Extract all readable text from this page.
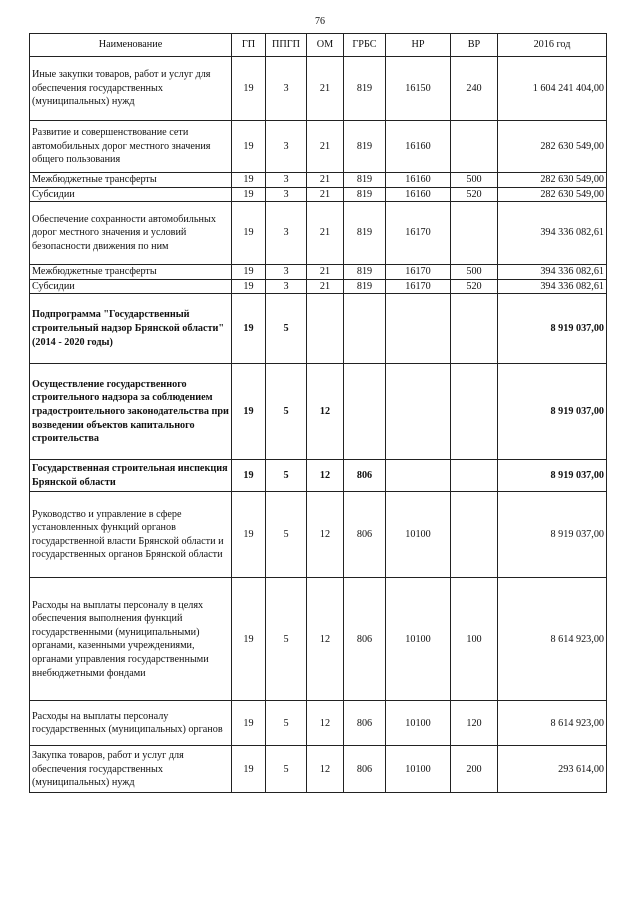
76
Наименование	ГП	ППГП	ОМ	ГРБС	НР	ВР	2016 год
Иные закупки товаров, работ и услуг для обеспечения государственных (муниципальных) нужд	19	3	21	819	16150	240	1 604 241 404,00
Развитие и совершенствование сети автомобильных дорог местного значения общего пользования	19	3	21	819	16160		282 630 549,00
Межбюджетные трансферты	19	3	21	819	16160	500	282 630 549,00
Субсидии	19	3	21	819	16160	520	282 630 549,00
Обеспечение сохранности автомобильных дорог местного значения и условий безопасности движения по ним	19	3	21	819	16170		394 336 082,61
Межбюджетные трансферты	19	3	21	819	16170	500	394 336 082,61
Субсидии	19	3	21	819	16170	520	394 336 082,61
Подпрограмма "Государственный строительный надзор Брянской области" (2014 - 2020 годы)	19	5					8 919 037,00
Осуществление государственного строительного надзора за соблюдением градостроительного законодательства при возведении объектов капитального строительства	19	5	12				8 919 037,00
Государственная строительная инспекция Брянской области	19	5	12	806			8 919 037,00
Руководство и управление в сфере установленных функций органов государственной власти Брянской области и государственных органов Брянской области	19	5	12	806	10100		8 919 037,00
Расходы на выплаты персоналу в целях обеспечения выполнения функций государственными (муниципальными) органами, казенными учреждениями, органами управления государственными внебюджетными фондами	19	5	12	806	10100	100	8 614 923,00
Расходы на выплаты персоналу государственных (муниципальных) органов	19	5	12	806	10100	120	8 614 923,00
Закупка товаров, работ и услуг для обеспечения государственных (муниципальных) нужд	19	5	12	806	10100	200	293 614,00
